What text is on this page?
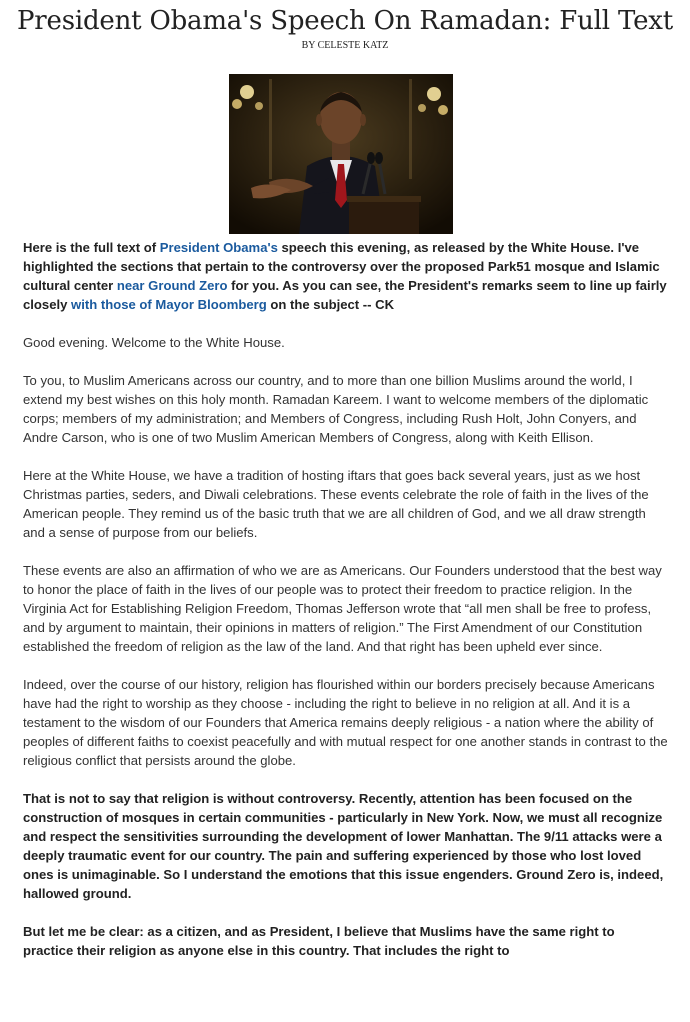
President Obama's Speech On Ramadan: Full Text
BY CELESTE KATZ

Here is the full text of President Obama's speech this evening, as released by the White House. I've highlighted the sections that pertain to the controversy over the proposed Park51 mosque and Islamic cultural center near Ground Zero for you. As you can see, the President's remarks seem to line up fairly closely with those of Mayor Bloomberg on the subject -- CK

Good evening. Welcome to the White House.

To you, to Muslim Americans across our country, and to more than one billion Muslims around the world, I extend my best wishes on this holy month. Ramadan Kareem. I want to welcome members of the diplomatic corps; members of my administration; and Members of Congress, including Rush Holt, John Conyers, and Andre Carson, who is one of two Muslim American Members of Congress, along with Keith Ellison.

Here at the White House, we have a tradition of hosting iftars that goes back several years, just as we host Christmas parties, seders, and Diwali celebrations. These events celebrate the role of faith in the lives of the American people. They remind us of the basic truth that we are all children of God, and we all draw strength and a sense of purpose from our beliefs.

These events are also an affirmation of who we are as Americans. Our Founders understood that the best way to honor the place of faith in the lives of our people was to protect their freedom to practice religion. In the Virginia Act for Establishing Religion Freedom, Thomas Jefferson wrote that “all men shall be free to profess, and by argument to maintain, their opinions in matters of religion.” The First Amendment of our Constitution established the freedom of religion as the law of the land. And that right has been upheld ever since.

Indeed, over the course of our history, religion has flourished within our borders precisely because Americans have had the right to worship as they choose - including the right to believe in no religion at all. And it is a testament to the wisdom of our Founders that America remains deeply religious - a nation where the ability of peoples of different faiths to coexist peacefully and with mutual respect for one another stands in contrast to the religious conflict that persists around the globe.

That is not to say that religion is without controversy. Recently, attention has been focused on the construction of mosques in certain communities - particularly in New York. Now, we must all recognize and respect the sensitivities surrounding the development of lower Manhattan. The 9/11 attacks were a deeply traumatic event for our country. The pain and suffering experienced by those who lost loved ones is unimaginable. So I understand the emotions that this issue engenders. Ground Zero is, indeed, hallowed ground.

But let me be clear: as a citizen, and as President, I believe that Muslims have the same right to practice their religion as anyone else in this country. That includes the right to
